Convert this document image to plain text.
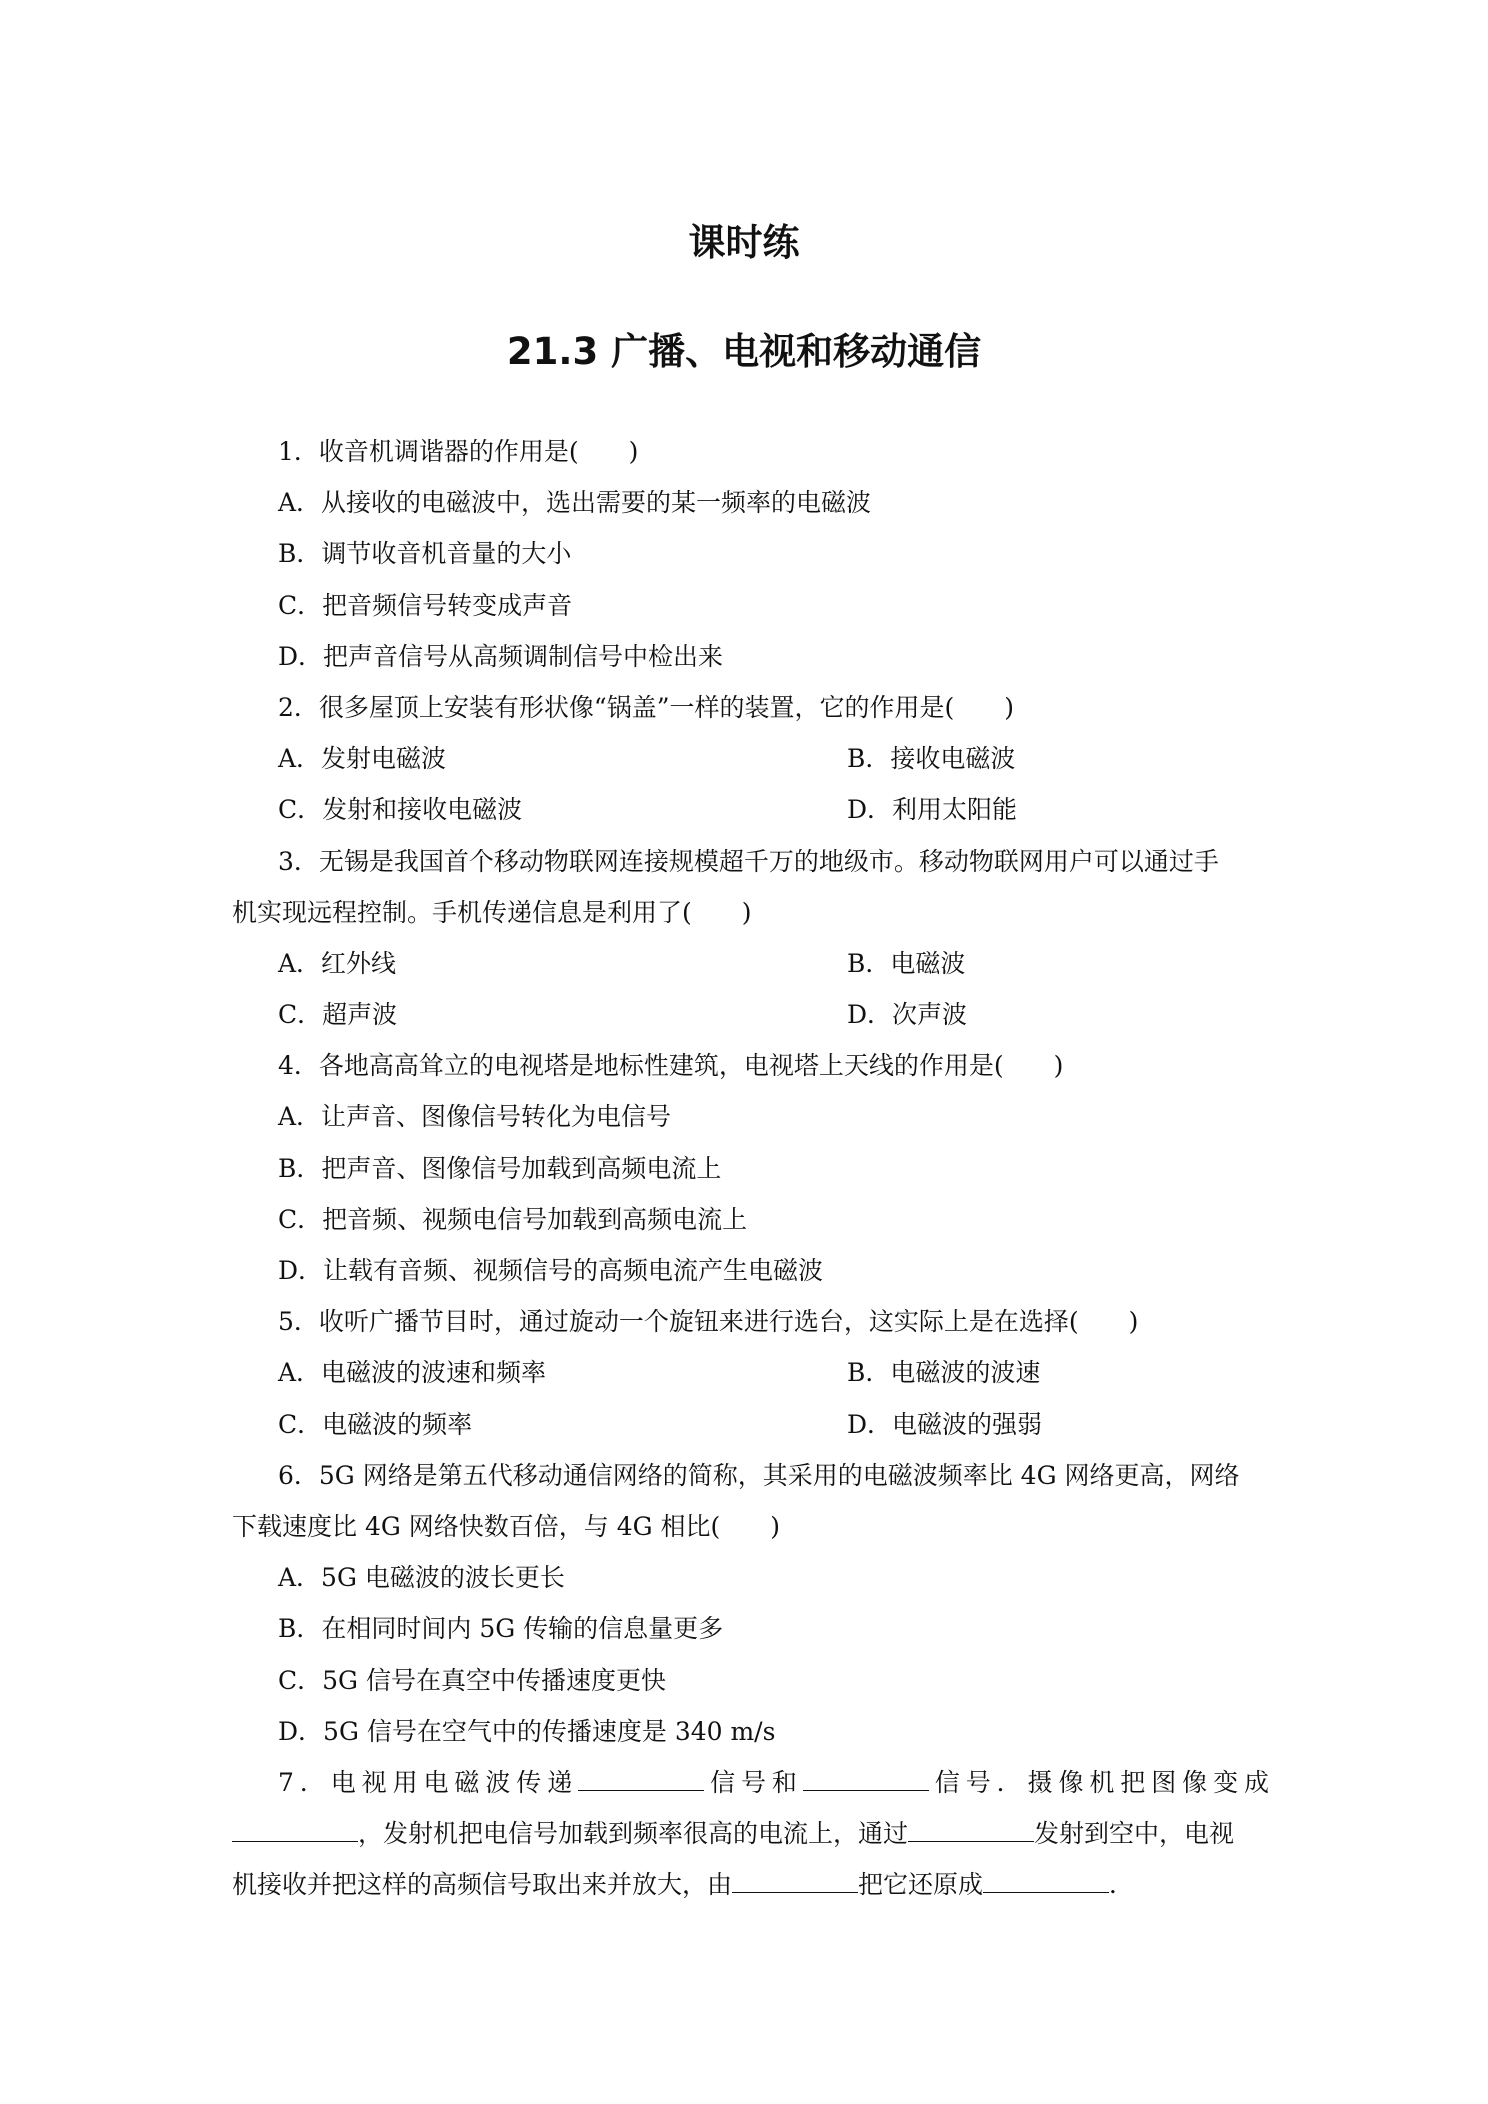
课时练
21.3 广播、电视和移动通信
1．收音机调谐器的作用是(　　)
A．从接收的电磁波中，选出需要的某一频率的电磁波
B．调节收音机音量的大小
C．把音频信号转变成声音
D．把声音信号从高频调制信号中检出来
2．很多屋顶上安装有形状像“锅盖”一样的装置，它的作用是(　　)
A．发射电磁波	B．接收电磁波
C．发射和接收电磁波	D．利用太阳能
3．无锡是我国首个移动物联网连接规模超千万的地级市。移动物联网用户可以通过手
机实现远程控制。手机传递信息是利用了(　　)
A．红外线	B．电磁波
C．超声波	D．次声波
4．各地高高耸立的电视塔是地标性建筑，电视塔上天线的作用是(　　)
A．让声音、图像信号转化为电信号
B．把声音、图像信号加载到高频电流上
C．把音频、视频电信号加载到高频电流上
D．让载有音频、视频信号的高频电流产生电磁波
5．收听广播节目时，通过旋动一个旋钮来进行选台，这实际上是在选择(　　)
A．电磁波的波速和频率	B．电磁波的波速
C．电磁波的频率	D．电磁波的强弱
6．5G 网络是第五代移动通信网络的简称，其采用的电磁波频率比 4G 网络更高，网络
下载速度比 4G 网络快数百倍，与 4G 相比(　　)
A．5G 电磁波的波长更长
B．在相同时间内 5G 传输的信息量更多
C．5G 信号在真空中传播速度更快
D．5G 信号在空气中的传播速度是 340 m/s
7．电视用电磁波传递	信号和	信号．摄像机把图像变成
，发射机把电信号加载到频率很高的电流上，通过	发射到空中，电视
机接收并把这样的高频信号取出来并放大，由	把它还原成	．
